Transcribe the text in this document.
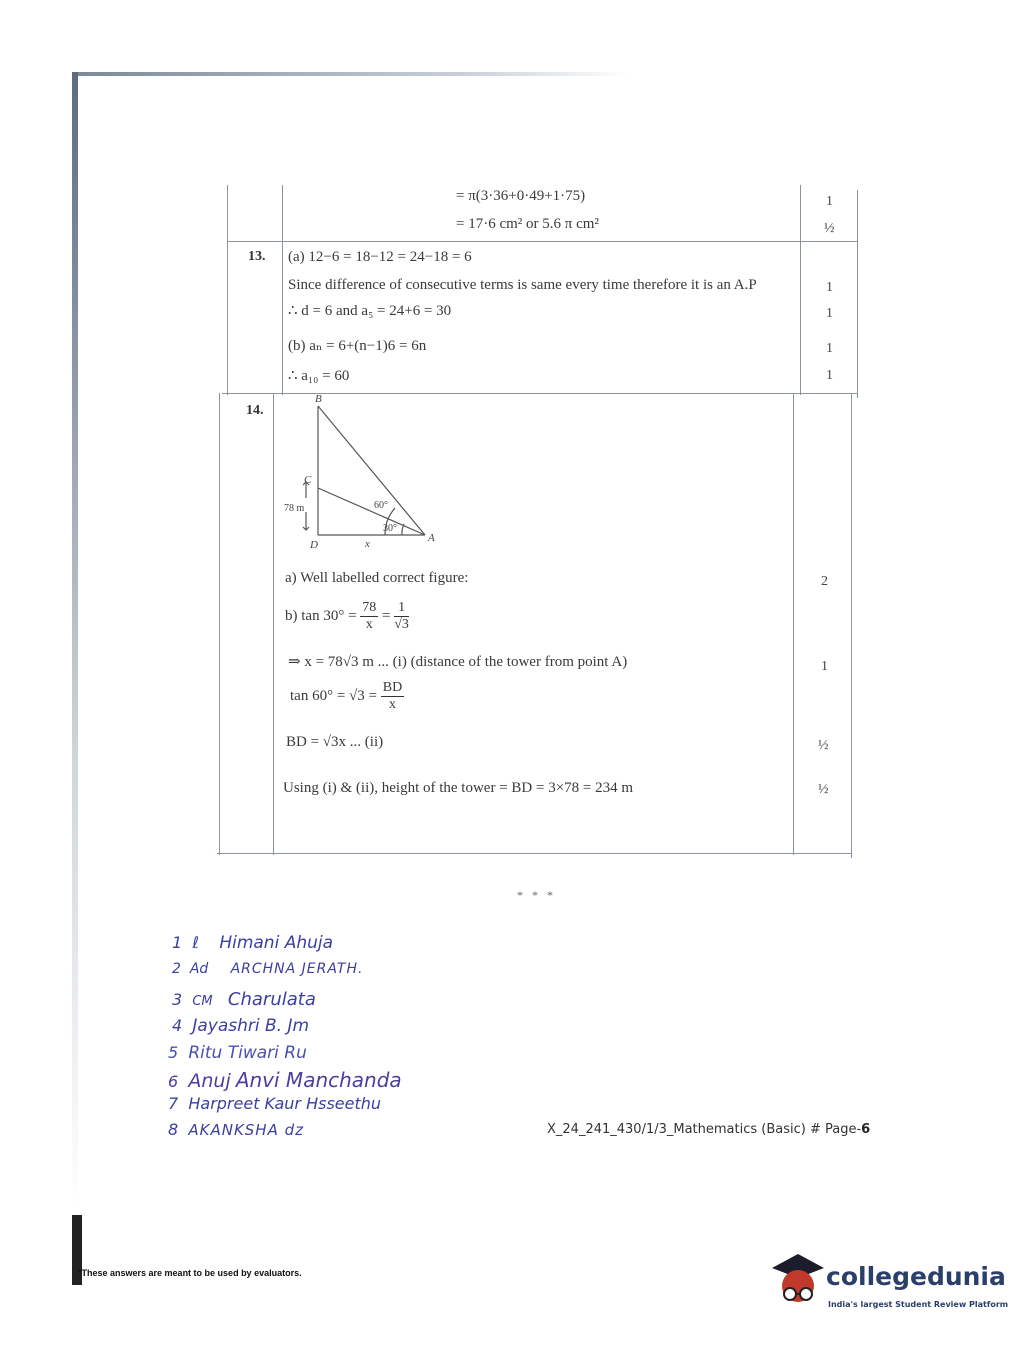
= π(3·36+0·49+1·75)	1
= 17·6 cm² or 5.6 π cm²	½
13. (a) 12−6 = 18−12 = 24−18 = 6
Since difference of consecutive terms is same every time therefore it is an A.P	1
∴ d = 6 and a₅ = 24+6 = 30	1
(b) aₙ = 6+(n−1)6 = 6n	1
∴ a₁₀ = 60	1
14.
B
C
D
A
x
78 m	60°
30°
a) Well labelled correct figure:	2
b) $\tan 30^\circ = \frac{78}{x} = \frac{1}{√3}$
⇒ x = 78√3 m ... (i) (distance of the tower from point A)	1
$\tan 60^\circ = √3 = \frac{BD}{x}$
BD = √3x ... (ii)	½
Using (i) & (ii), height of the tower = BD = 3×78 = 234 m	½
* * *
1 ℓ Himani Ahuja
2 Ad ARCHNA JERATH.
3 CM Charulata
4 Jayashri B. Jm
5 Ritu Tiwari Ru
6 Anuj Anvi Manchanda
7 Harpreet Kaur Hsseethu
8 AKANKSHA dz	X_24_241_430/1/3_Mathematics (Basic) # Page-6
*These answers are meant to be used by evaluators.	collegedunia
India's largest Student Review Platform
